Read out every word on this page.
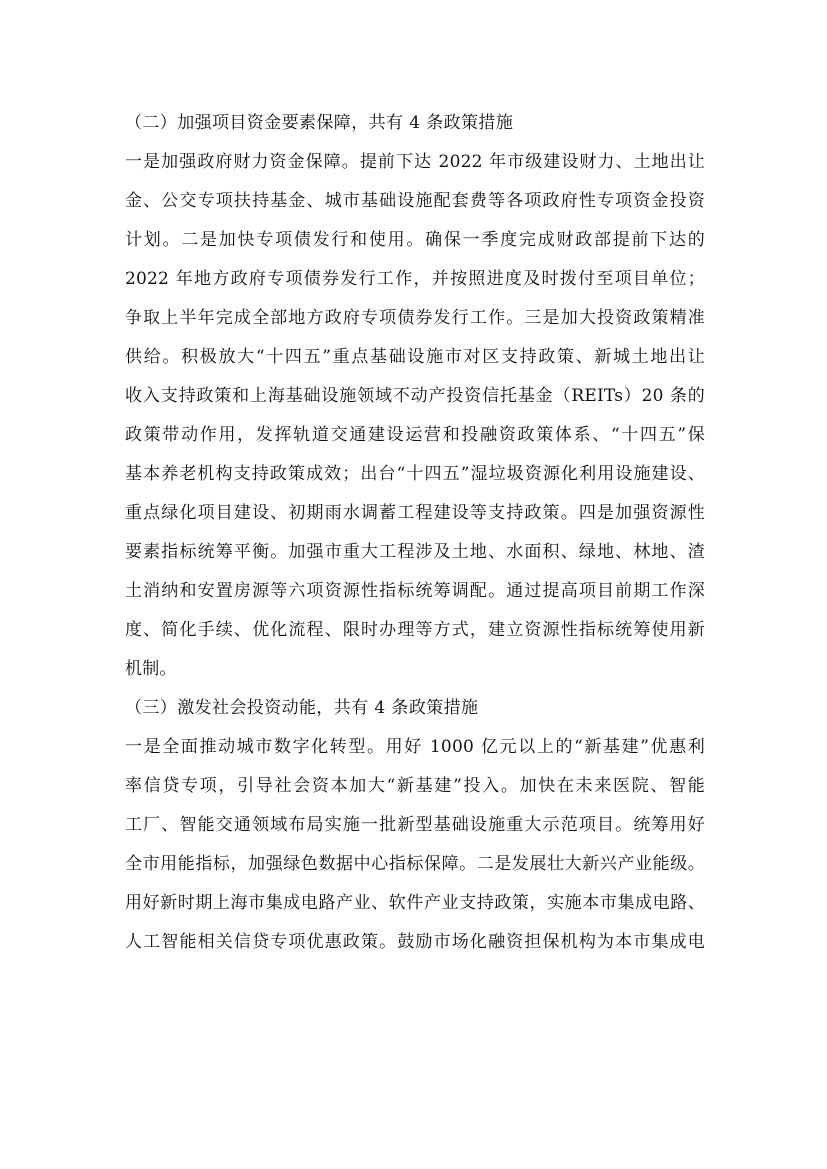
（二）加强项目资金要素保障，共有 4 条政策措施
一是加强政府财力资金保障。提前下达 2022 年市级建设财力、土地出让
金、公交专项扶持基金、城市基础设施配套费等各项政府性专项资金投资
计划。二是加快专项债发行和使用。确保一季度完成财政部提前下达的
2022 年地方政府专项债券发行工作，并按照进度及时拨付至项目单位；
争取上半年完成全部地方政府专项债券发行工作。三是加大投资政策精准
供给。积极放大“十四五”重点基础设施市对区支持政策、新城土地出让
收入支持政策和上海基础设施领域不动产投资信托基金（REITs）20 条的
政策带动作用，发挥轨道交通建设运营和投融资政策体系、“十四五”保
基本养老机构支持政策成效；出台“十四五”湿垃圾资源化利用设施建设、
重点绿化项目建设、初期雨水调蓄工程建设等支持政策。四是加强资源性
要素指标统筹平衡。加强市重大工程涉及土地、水面积、绿地、林地、渣
土消纳和安置房源等六项资源性指标统筹调配。通过提高项目前期工作深
度、简化手续、优化流程、限时办理等方式，建立资源性指标统筹使用新
机制。
（三）激发社会投资动能，共有 4 条政策措施
一是全面推动城市数字化转型。用好 1000 亿元以上的“新基建”优惠利
率信贷专项，引导社会资本加大“新基建”投入。加快在未来医院、智能
工厂、智能交通领域布局实施一批新型基础设施重大示范项目。统筹用好
全市用能指标，加强绿色数据中心指标保障。二是发展壮大新兴产业能级。
用好新时期上海市集成电路产业、软件产业支持政策，实施本市集成电路、
人工智能相关信贷专项优惠政策。鼓励市场化融资担保机构为本市集成电
